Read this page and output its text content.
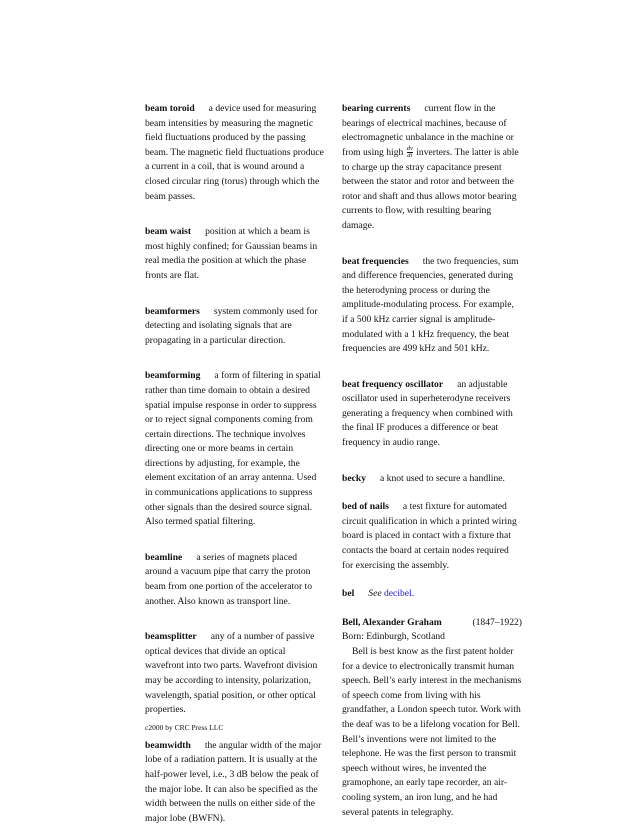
beam toroid a device used for measuring beam intensities by measuring the magnetic field fluctuations produced by the passing beam. The magnetic field fluctuations produce a current in a coil, that is wound around a closed circular ring (torus) through which the beam passes.

beam waist position at which a beam is most highly confined; for Gaussian beams in real media the position at which the phase fronts are flat.

beamformers system commonly used for detecting and isolating signals that are propagating in a particular direction.

beamforming a form of filtering in spatial rather than time domain to obtain a desired spatial impulse response in order to suppress or to reject signal components coming from certain directions. The technique involves directing one or more beams in certain directions by adjusting, for example, the element excitation of an array antenna. Used in communications applications to suppress other signals than the desired source signal. Also termed spatial filtering.

beamline a series of magnets placed around a vacuum pipe that carry the proton beam from one portion of the accelerator to another. Also known as transport line.

beamsplitter any of a number of passive optical devices that divide an optical wavefront into two parts. Wavefront division may be according to intensity, polarization, wavelength, spatial position, or other optical properties.

beamwidth the angular width of the major lobe of a radiation pattern. It is usually at the half-power level, i.e., 3 dB below the peak of the major lobe. It can also be specified as the width between the nulls on either side of the major lobe (BWFN).

bearing currents current flow in the bearings of electrical machines, because of electromagnetic unbalance in the machine or from using high $\frac{dv}{dt}$ inverters. The latter is able to charge up the stray capacitance present between the stator and rotor and between the rotor and shaft and thus allows motor bearing currents to flow, with resulting bearing damage.

beat frequencies the two frequencies, sum and difference frequencies, generated during the heterodyning process or during the amplitude-modulating process. For example, if a 500 kHz carrier signal is amplitude-modulated with a 1 kHz frequency, the beat frequencies are 499 kHz and 501 kHz.

beat frequency oscillator an adjustable oscillator used in superheterodyne receivers generating a frequency when combined with the final IF produces a difference or beat frequency in audio range.

becky a knot used to secure a handline.

bed of nails a test fixture for automated circuit qualification in which a printed wiring board is placed in contact with a fixture that contacts the board at certain nodes required for exercising the assembly.

bel See decibel.

Bell, Alexander Graham	(1847–1922)

Born: Edinburgh, Scotland

Bell is best know as the first patent holder for a device to electronically transmit human speech. Bell’s early interest in the mechanisms of speech come from living with his grandfather, a London speech tutor. Work with the deaf was to be a lifelong vocation for Bell. Bell’s inventions were not limited to the telephone. He was the first person to transmit speech without wires, he invented the gramophone, an early tape recorder, an air-cooling system, an iron lung, and he had several patents in telegraphy.

c2000 by CRC Press LLC
